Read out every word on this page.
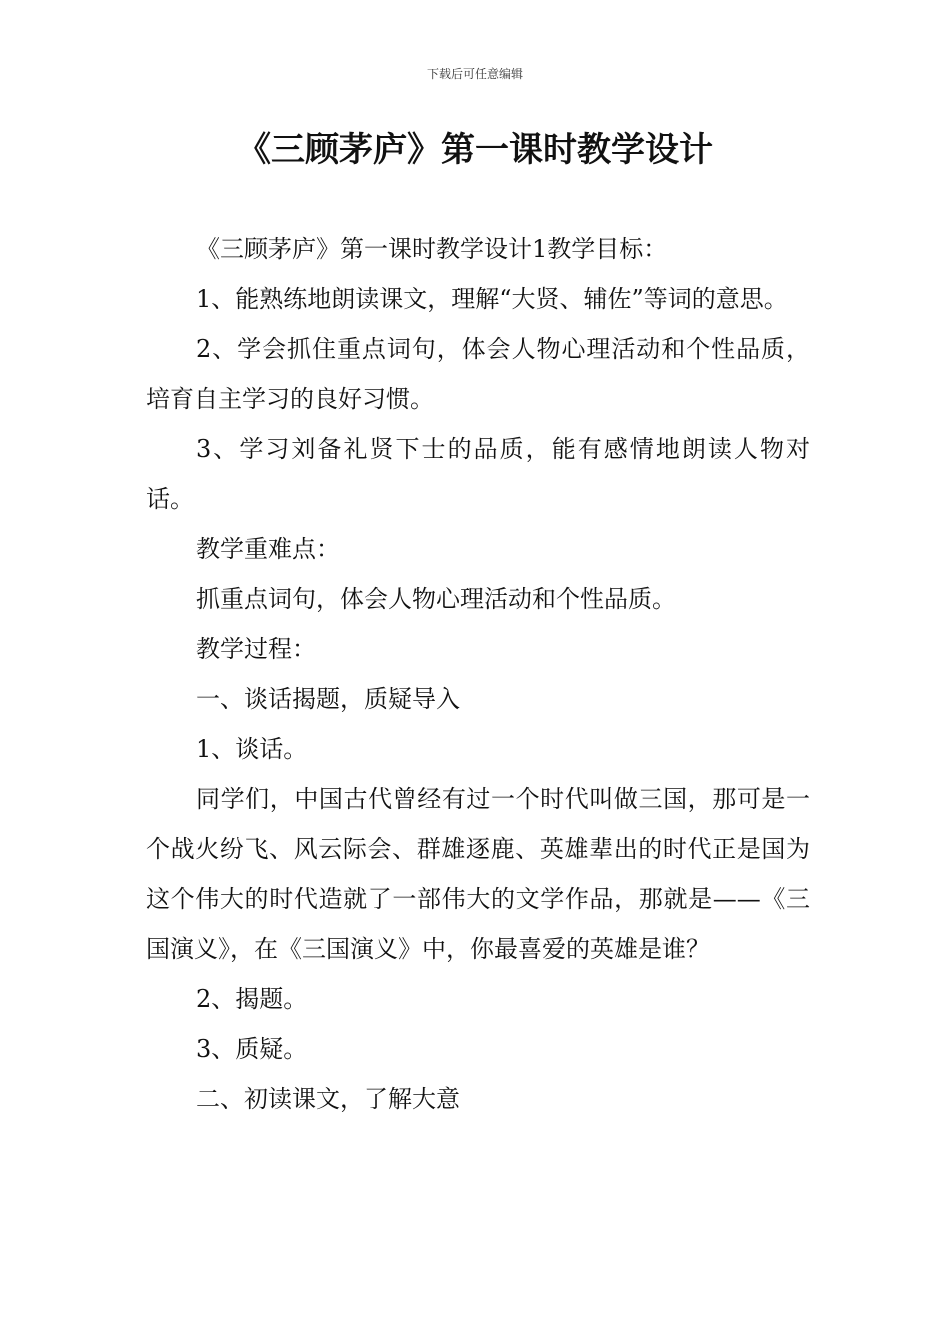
下载后可任意编辑
《三顾茅庐》第一课时教学设计

《三顾茅庐》第一课时教学设计1教学目标：

1、能熟练地朗读课文，理解“大贤、辅佐”等词的意思。

2、学会抓住重点词句，体会人物心理活动和个性品质，培育自主学习的良好习惯。

3、学习刘备礼贤下士的品质，能有感情地朗读人物对话。

教学重难点：

抓重点词句，体会人物心理活动和个性品质。

教学过程：

一、谈话揭题，质疑导入

1、谈话。

同学们，中国古代曾经有过一个时代叫做三国，那可是一个战火纷飞、风云际会、群雄逐鹿、英雄辈出的时代正是国为这个伟大的时代造就了一部伟大的文学作品，那就是——《三国演义》，在《三国演义》中，你最喜爱的英雄是谁？

2、揭题。

3、质疑。

二、初读课文，了解大意
